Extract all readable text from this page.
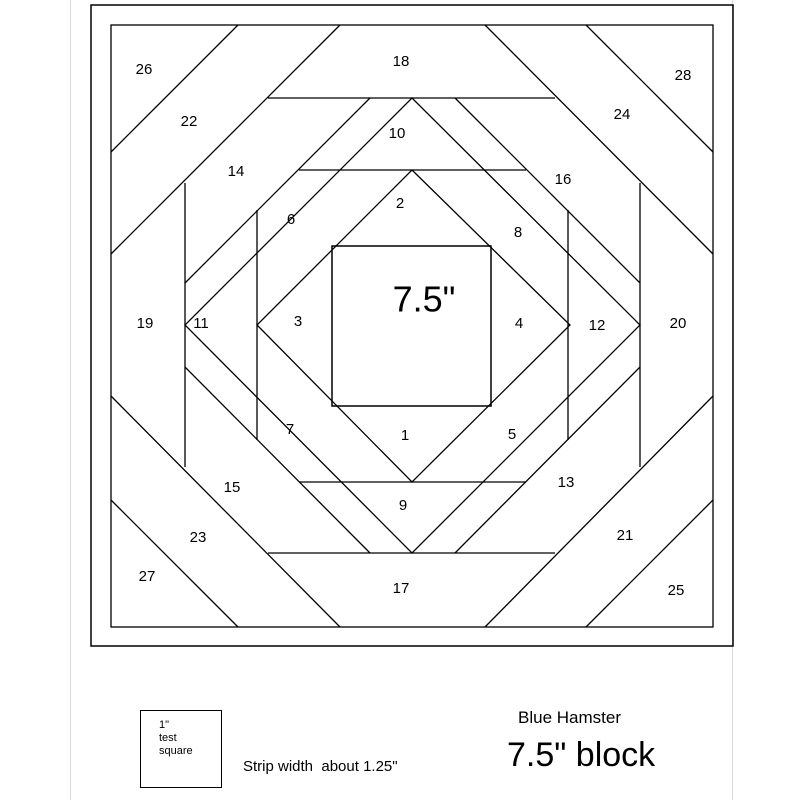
7.5"
1
2
3	4
5
6
7
8
9
10
11	12
13
14
15
16
17
18
19	20
21
22
23
24
25
26
27
28
1"
test
square
Strip width  about 1.25"
Blue Hamster
7.5" block
